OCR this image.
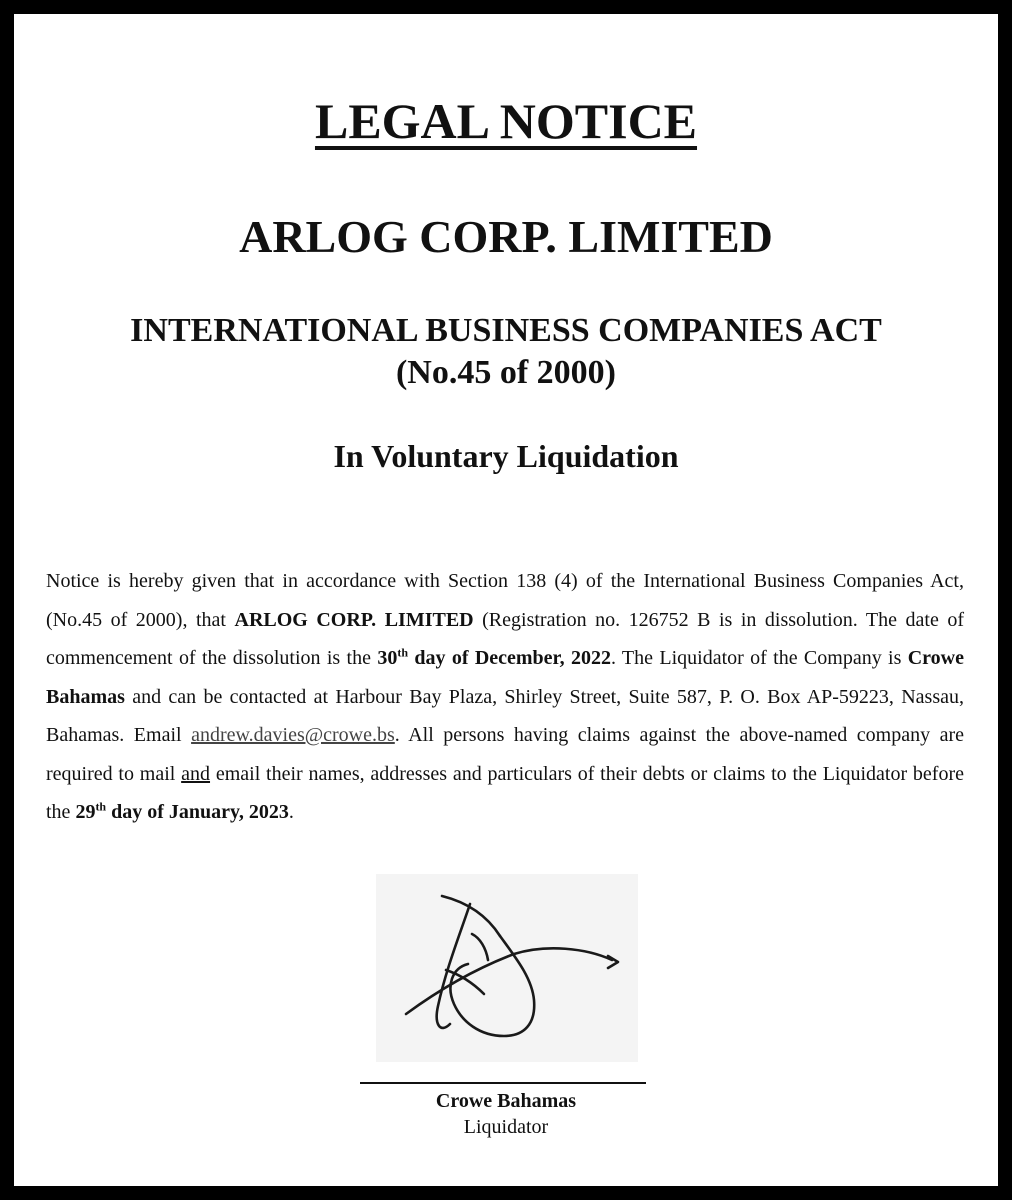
LEGAL NOTICE
ARLOG CORP. LIMITED
INTERNATIONAL BUSINESS COMPANIES ACT
(No.45 of 2000)
In Voluntary Liquidation

Notice is hereby given that in accordance with Section 138 (4) of the International Business Companies Act, (No.45 of 2000), that ARLOG CORP. LIMITED (Registration no. 126752 B is in dissolution. The date of commencement of the dissolution is the 30th day of December, 2022. The Liquidator of the Company is Crowe Bahamas and can be contacted at Harbour Bay Plaza, Shirley Street, Suite 587, P. O. Box AP-59223, Nassau, Bahamas. Email andrew.davies@crowe.bs. All persons having claims against the above-named company are required to mail and email their names, addresses and particulars of their debts or claims to the Liquidator before the 29th day of January, 2023.

Crowe Bahamas
Liquidator
